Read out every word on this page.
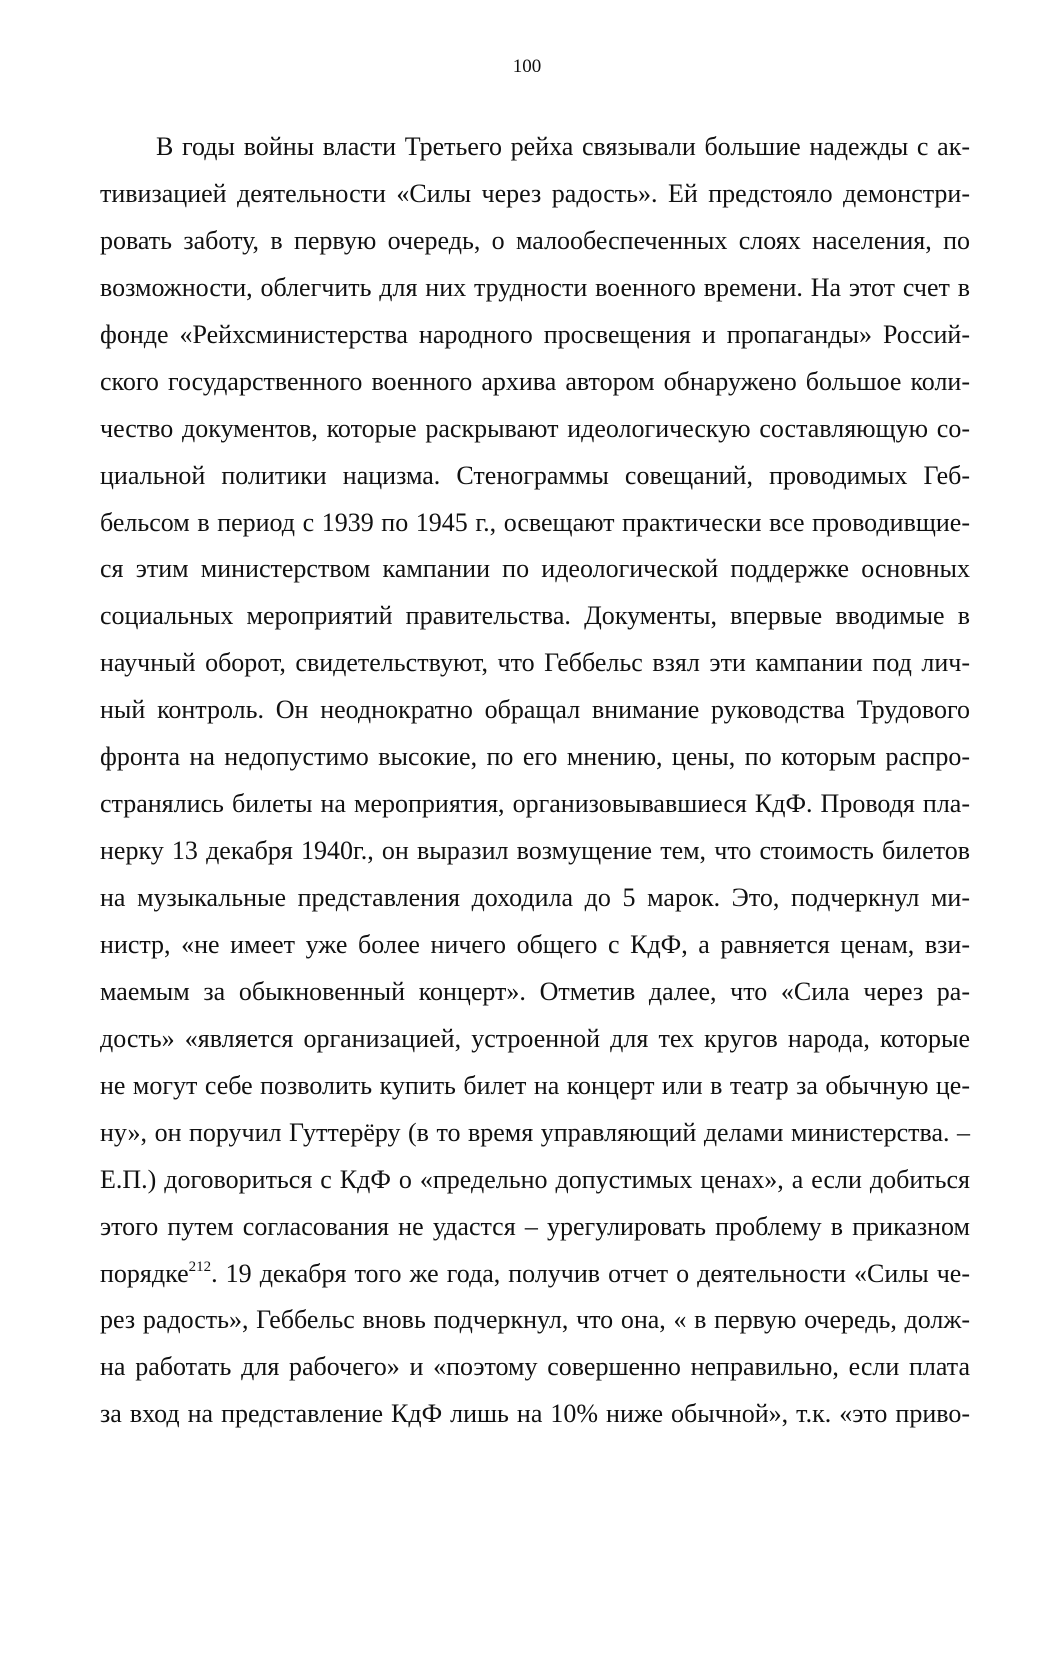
100
В годы войны власти Третьего рейха связывали большие надежды с ак-
тивизацией деятельности «Силы через радость». Ей предстояло демонстри-
ровать заботу, в первую очередь, о малообеспеченных слоях населения, по
возможности, облегчить для них трудности военного времени. На этот счет в
фонде «Рейхсминистерства народного просвещения и пропаганды» Россий-
ского государственного военного архива автором обнаружено большое коли-
чество документов, которые раскрывают идеологическую составляющую со-
циальной политики нацизма. Стенограммы совещаний, проводимых Геб-
бельсом в период с 1939 по 1945 г., освещают практически все проводивщие-
ся этим министерством кампании по идеологической поддержке основных
социальных мероприятий правительства. Документы, впервые вводимые в
научный оборот, свидетельствуют, что Геббельс взял эти кампании под лич-
ный контроль. Он неоднократно обращал внимание руководства Трудового
фронта на недопустимо высокие, по его мнению, цены, по которым распро-
странялись билеты на мероприятия, организовывавшиеся КдФ. Проводя пла-
нерку 13 декабря 1940г., он выразил возмущение тем, что стоимость билетов
на музыкальные представления доходила до 5 марок. Это, подчеркнул ми-
нистр, «не имеет уже более ничего общего с КдФ, а равняется ценам, взи-
маемым за обыкновенный концерт». Отметив далее, что «Сила через ра-
дость» «является организацией, устроенной для тех кругов народа, которые
не могут себе позволить купить билет на концерт или в театр за обычную це-
ну», он поручил Гуттерёру (в то время управляющий делами министерства. –
Е.П.) договориться с КдФ о «предельно допустимых ценах», а если добиться
этого путем согласования не удастся – урегулировать проблему в приказном
порядке$^{212}$. 19 декабря того же года, получив отчет о деятельности «Силы че-
рез радость», Геббельс вновь подчеркнул, что она, « в первую очередь, долж-
на работать для рабочего» и «поэтому совершенно неправильно, если плата
за вход на представление КдФ лишь на 10% ниже обычной», т.к. «это приво-
